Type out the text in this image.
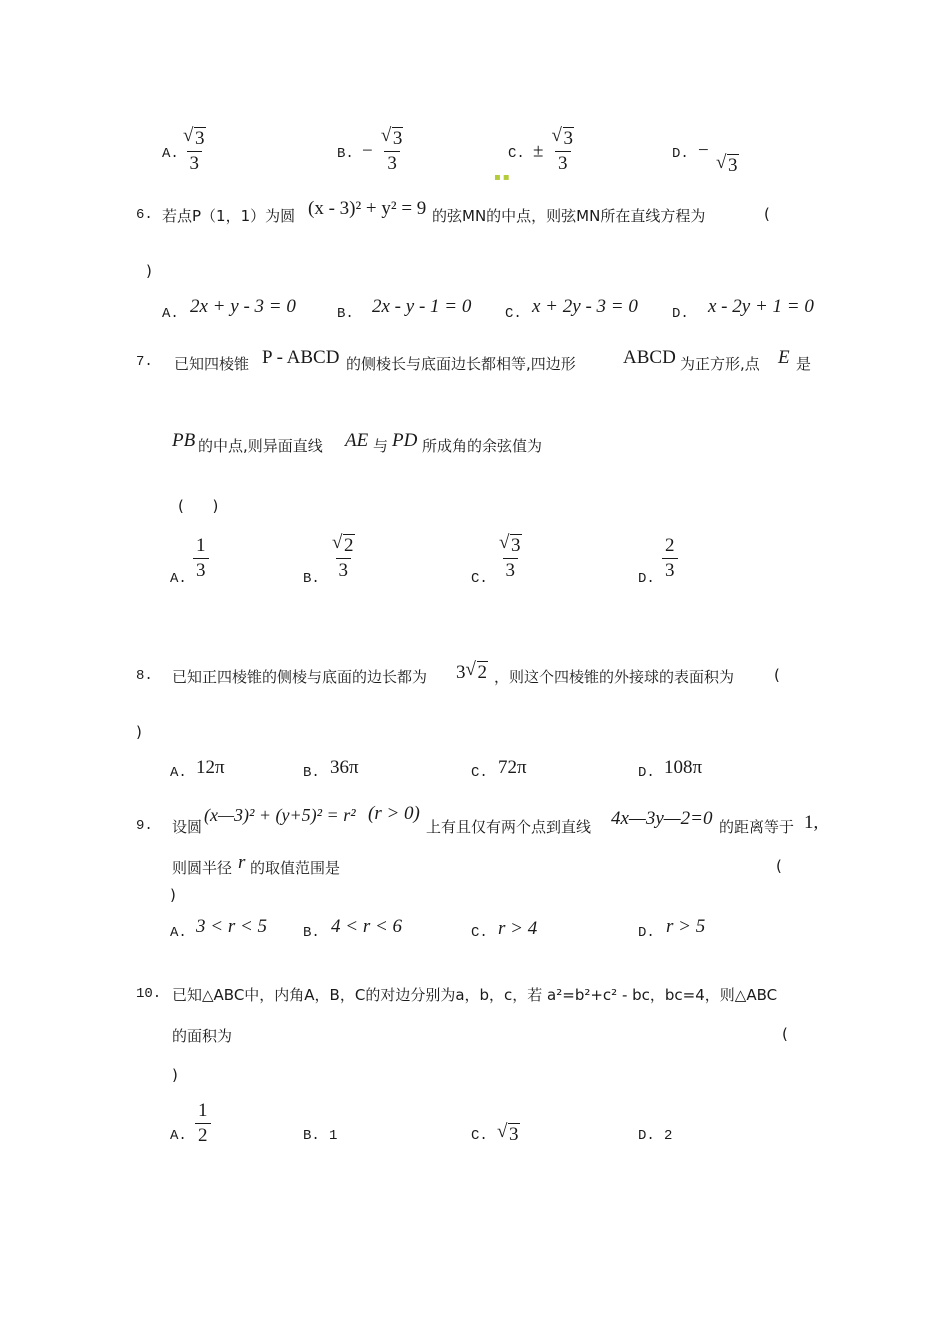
A. $\frac{√ 3}{3}$	B. − $\frac{√ 3}{3}$	C. ± $\frac{√ 3}{3}$
▪▪
D. −
√ 3
6. 若点P（1，1）为圆 (x - 3)² + y² = 9 的弦MN的中点，则弦MN所在直线方程为	(
)
A. 2x + y - 3 = 0	B. 2x - y - 1 = 0 C. x + 2y - 3 = 0 D. x - 2y + 1 = 0
7. 已知四棱锥 P - ABCD 的侧棱长与底面边长都相等,四边形 ABCD 为正方形,点 E 是
PB 的中点,则异面直线 AE 与 PD 所成角的余弦值为
(      )
A. $\frac{1}{3}$	B. $\frac{√ 2}{3}$	C. $\frac{√ 3}{3}$	D. $\frac{2}{3}$
8. 已知正四棱锥的侧棱与底面的边长都为 3 √ 2 ，则这个四棱锥的外接球的表面积为	(
)
A. 12π	B. 36π	C. 72π	D. 108π
9. 设圆
(x—3)² + (y+5)² = r² (r > 0)
上有且仅有两个点到直线 4x—3y—2=0 的距离等于 1,
则圆半径 r 的取值范围是	(
)
A. 3 < r < 5	B. 4 < r < 6	C. r > 4	D. r > 5
10. 已知△ABC中，内角A，B，C的对边分别为a，b，c，若 a²=b²+c² - bc，bc=4，则△ABC
的面积为	(
)
A. $\frac{1}{2}$	B. 1	C. √ 3	D. 2
